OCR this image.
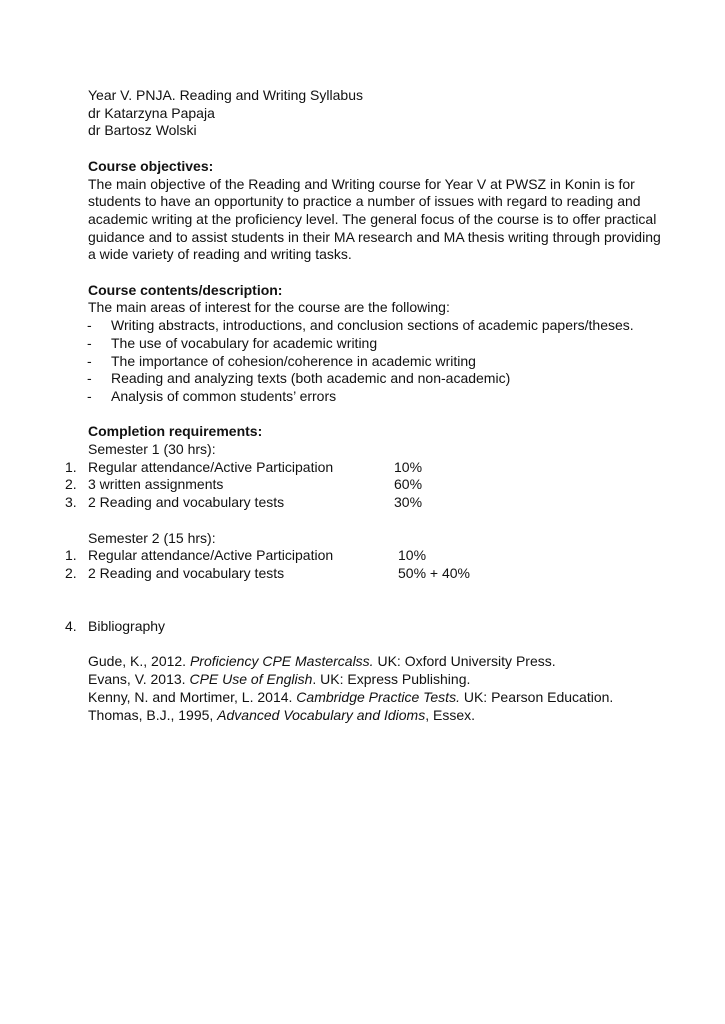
Year V. PNJA. Reading and Writing Syllabus
dr Katarzyna Papaja
dr Bartosz Wolski
Course objectives:
The main objective of the Reading and Writing course for Year V at PWSZ in Konin is for
students to have an opportunity to practice a number of issues with regard to reading and
academic writing at the proficiency level. The general focus of the course is to offer practical
guidance and to assist students in their MA research and MA thesis writing through providing
a wide variety of reading and writing tasks.
Course contents/description:
The main areas of interest for the course are the following:
- Writing abstracts, introductions, and conclusion sections of academic papers/theses.
- The use of vocabulary for academic writing
- The importance of cohesion/coherence in academic writing
- Reading and analyzing texts (both academic and non-academic)
- Analysis of common students’ errors
Completion requirements:
Semester 1 (30 hrs):
1. Regular attendance/Active Participation	10%
2. 3 written assignments	60%
3. 2 Reading and vocabulary tests	30%
Semester 2 (15 hrs):
1. Regular attendance/Active Participation	10%
2. 2 Reading and vocabulary tests	50% + 40%
4. Bibliography
Gude, K., 2012. Proficiency CPE Mastercalss. UK: Oxford University Press.
Evans, V. 2013. CPE Use of English. UK: Express Publishing.
Kenny, N. and Mortimer, L. 2014. Cambridge Practice Tests. UK: Pearson Education.
Thomas, B.J., 1995, Advanced Vocabulary and Idioms, Essex.
